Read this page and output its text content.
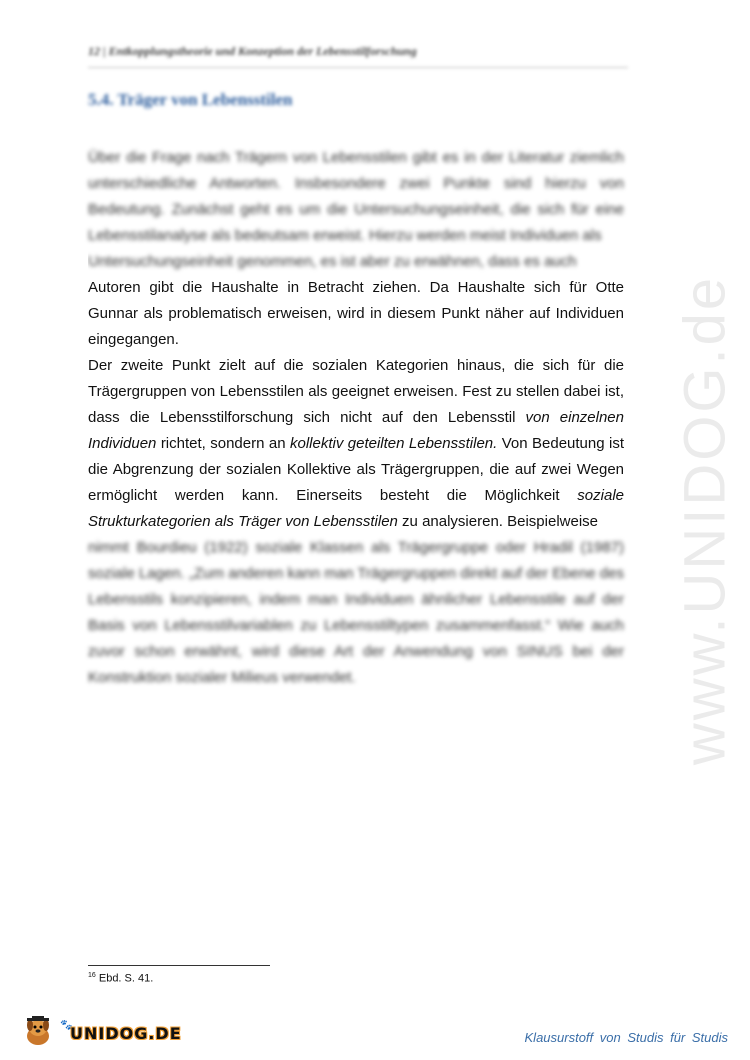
12 | Entkopplungstheorie und Konzeption der Lebensstilforschung
5.4. Träger von Lebensstilen

Über die Frage nach Trägern von Lebensstilen gibt es in der Literatur ziemlich unterschiedliche Antworten. Insbesondere zwei Punkte sind hierzu von Bedeutung. Zunächst geht es um die Untersuchungseinheit, die sich für eine Lebensstilanalyse als bedeutsam erweist. Hierzu werden meist Individuen als
Untersuchungseinheit genommen, es ist aber zu erwähnen, dass es auch
Autoren gibt die Haushalte in Betracht ziehen. Da Haushalte sich für Otte Gunnar als problematisch erweisen, wird in diesem Punkt näher auf Individuen eingegangen.

Der zweite Punkt zielt auf die sozialen Kategorien hinaus, die sich für die Trägergruppen von Lebensstilen als geeignet erweisen. Fest zu stellen dabei ist, dass die Lebensstilforschung sich nicht auf den Lebensstil von einzelnen Individuen richtet, sondern an kollektiv geteilten Lebensstilen. Von Bedeutung ist die Abgrenzung der sozialen Kollektive als Trägergruppen, die auf zwei Wegen ermöglicht werden kann. Einerseits besteht die Möglichkeit soziale Strukturkategorien als Träger von Lebensstilen zu analysieren. Beispielweise
nimmt Bourdieu (1922) soziale Klassen als Trägergruppe oder Hradil (1987) soziale Lagen. „Zum anderen kann man Trägergruppen direkt auf der Ebene des Lebensstils konzipieren, indem man Individuen ähnlicher Lebensstile auf der Basis von Lebensstilvariablen zu Lebensstiltypen zusammenfasst.“ Wie auch zuvor schon erwähnt, wird diese Art der Anwendung von SINUS bei der Konstruktion sozialer Milieus verwendet.	www.UNIDOG.de
$^{16}$ Ebd. S. 41.
🐾
UNIDOG.DE	Klausurstoff von Studis für Studis
